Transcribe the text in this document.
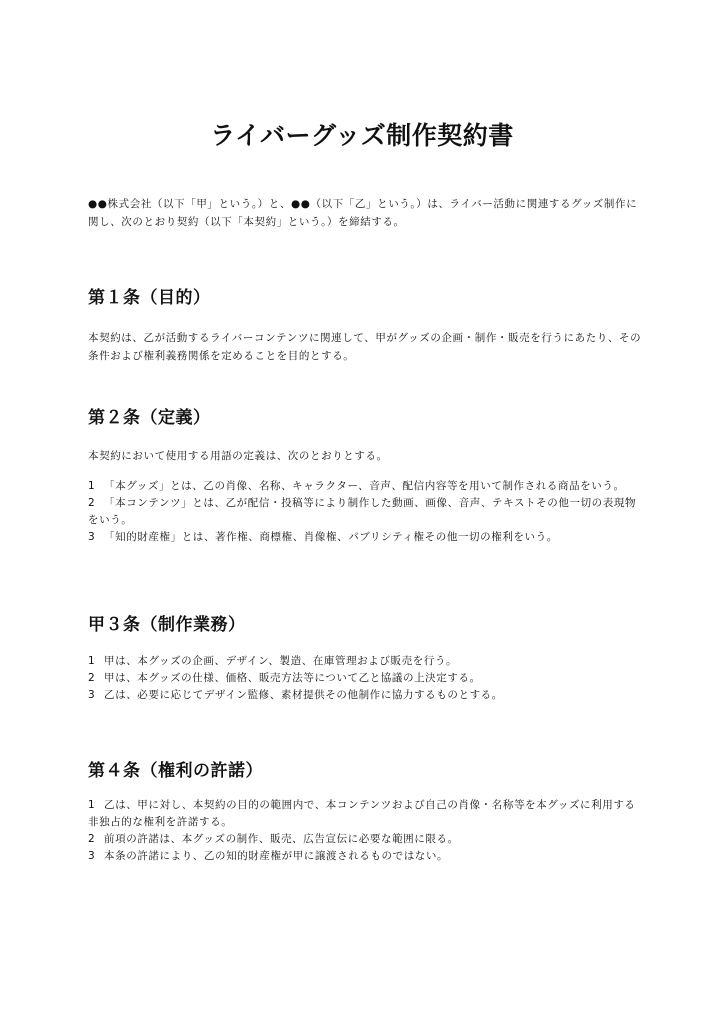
ライバーグッズ制作契約書

●●株式会社（以下「甲」という。）と、●●（以下「乙」という。）は、ライバー活動に関連するグッズ制作に関し、次のとおり契約（以下「本契約」という。）を締結する。

第１条（目的）

本契約は、乙が活動するライバーコンテンツに関連して、甲がグッズの企画・制作・販売を行うにあたり、その条件および権利義務関係を定めることを目的とする。

第２条（定義）

本契約において使用する用語の定義は、次のとおりとする。

1 「本グッズ」とは、乙の肖像、名称、キャラクター、音声、配信内容等を用いて制作される商品をいう。
2 「本コンテンツ」とは、乙が配信・投稿等により制作した動画、画像、音声、テキストその他一切の表現物をいう。
3 「知的財産権」とは、著作権、商標権、肖像権、パブリシティ権その他一切の権利をいう。
甲３条（制作業務）
1 甲は、本グッズの企画、デザイン、製造、在庫管理および販売を行う。
2 甲は、本グッズの仕様、価格、販売方法等について乙と協議の上決定する。
3 乙は、必要に応じてデザイン監修、素材提供その他制作に協力するものとする。
第４条（権利の許諾）
1 乙は、甲に対し、本契約の目的の範囲内で、本コンテンツおよび自己の肖像・名称等を本グッズに利用する非独占的な権利を許諾する。
2 前項の許諾は、本グッズの制作、販売、広告宣伝に必要な範囲に限る。
3 本条の許諾により、乙の知的財産権が甲に譲渡されるものではない。
